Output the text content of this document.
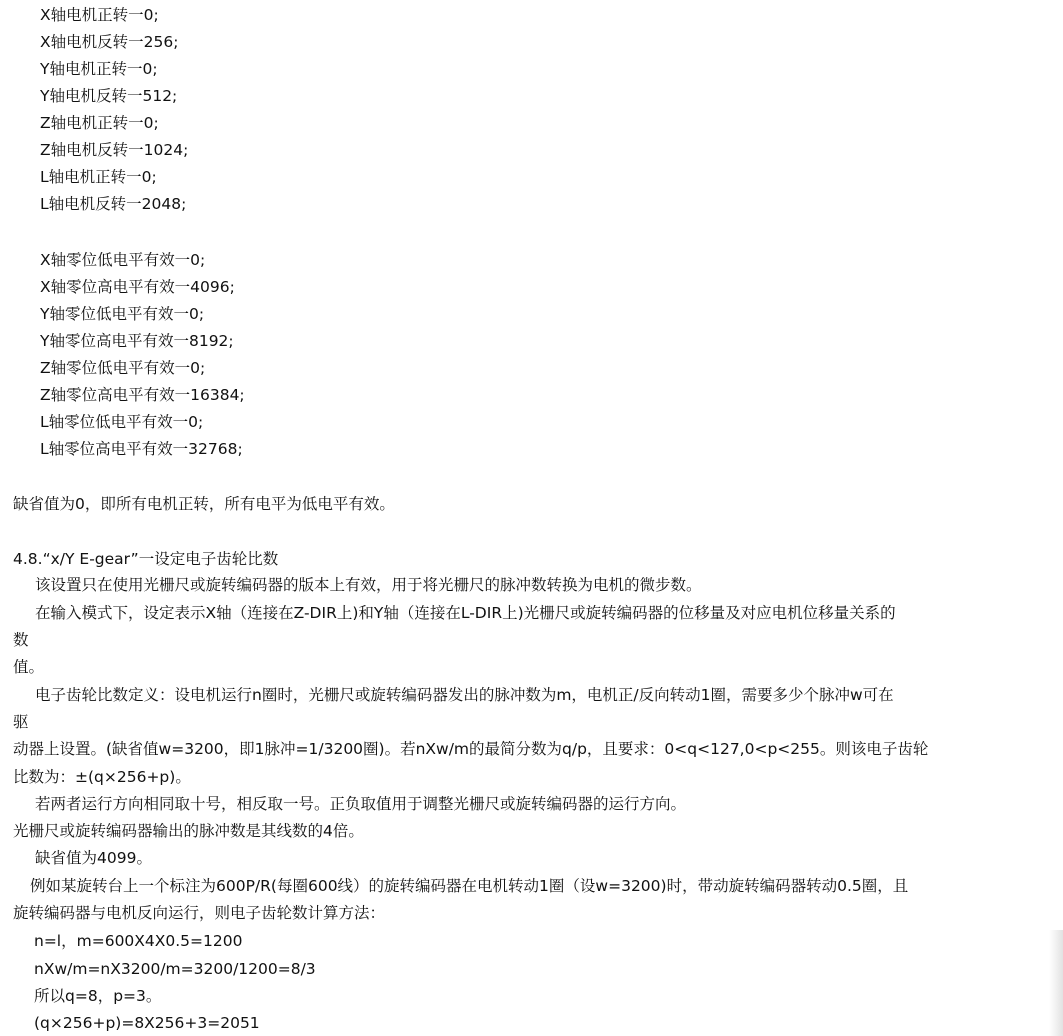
X轴电机正转一0;
X轴电机反转一256;
Y轴电机正转一0;
Y轴电机反转一512;
Z轴电机正转一0;
Z轴电机反转一1024;
L轴电机正转一0;
L轴电机反转一2048;
X轴零位低电平有效一0;
X轴零位高电平有效一4096;
Y轴零位低电平有效一0;
Y轴零位高电平有效一8192;
Z轴零位低电平有效一0;
Z轴零位高电平有效一16384;
L轴零位低电平有效一0;
L轴零位高电平有效一32768;
缺省值为0，即所有电机正转，所有电平为低电平有效。
4.8.“x/Y E-gear”一设定电子齿轮比数
该设置只在使用光栅尺或旋转编码器的版本上有效，用于将光栅尺的脉冲数转换为电机的微步数。
在输入模式下，设定表示X轴（连接在Z-DIR上)和Y轴（连接在L-DIR上)光栅尺或旋转编码器的位移量及对应电机位移量关系的
数
值。
电子齿轮比数定义：设电机运行n圈时，光栅尺或旋转编码器发出的脉冲数为m，电机正/反向转动1圈，需要多少个脉冲w可在
驱
动器上设置。(缺省值w=3200，即1脉冲=1/3200圈)。若nXw/m的最简分数为q/p，且要求：0<q<127,0<p<255。则该电子齿轮
比数为：±(q×256+p)。
若两者运行方向相同取十号，相反取一号。正负取值用于调整光栅尺或旋转编码器的运行方向。
光栅尺或旋转编码器输出的脉冲数是其线数的4倍。
缺省值为4099。
例如某旋转台上一个标注为600P/R(每圈600线）的旋转编码器在电机转动1圈（设w=3200)时，带动旋转编码器转动0.5圈，且
旋转编码器与电机反向运行，则电子齿轮数计算方法：
n=l，m=600X4X0.5=1200
nXw/m=nX3200/m=3200/1200=8/3
所以q=8，p=3。
(q×256+p)=8X256+3=2051
